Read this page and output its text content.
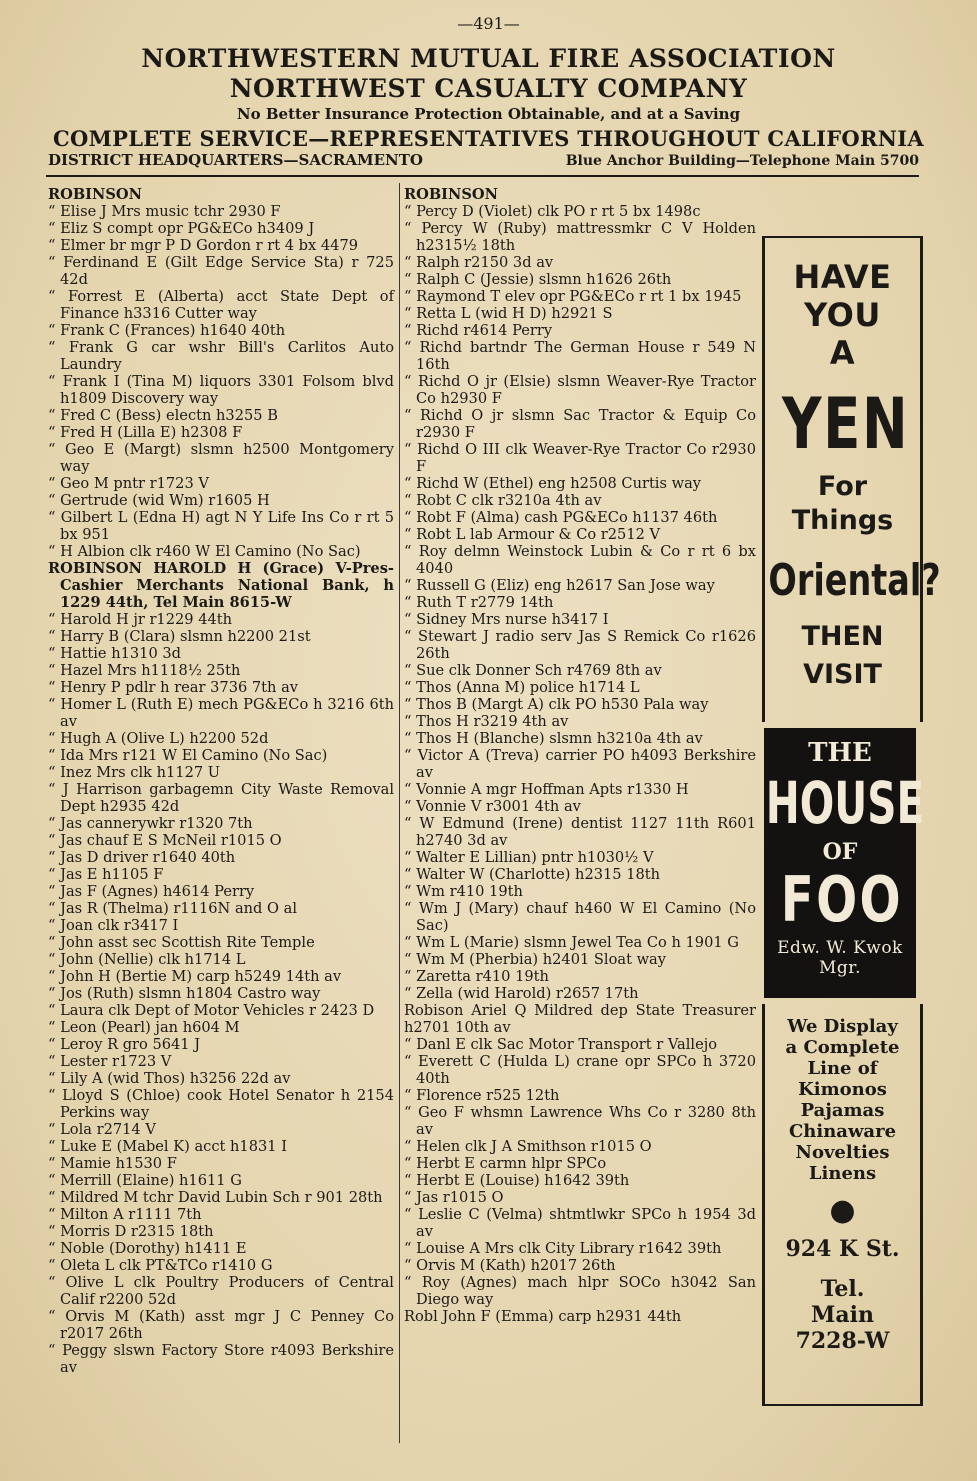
—491—
NORTHWESTERN MUTUAL FIRE ASSOCIATION
NORTHWEST CASUALTY COMPANY
No Better Insurance Protection Obtainable, and at a Saving
COMPLETE SERVICE—REPRESENTATIVES THROUGHOUT CALIFORNIA
DISTRICT HEADQUARTERS—SACRAMENTO	Blue Anchor Building—Telephone Main 5700
ROBINSON
“ Elise J Mrs music tchr 2930 F
“ Eliz S compt opr PG&ECo h3409 J
“ Elmer br mgr P D Gordon r rt 4 bx 4479
“ Ferdinand E (Gilt Edge Service Sta) r 725 42d
“ Forrest E (Alberta) acct State Dept of Finance h3316 Cutter way
“ Frank C (Frances) h1640 40th
“ Frank G car wshr Bill's Carlitos Auto Laundry
“ Frank I (Tina M) liquors 3301 Folsom blvd h1809 Discovery way
“ Fred C (Bess) electn h3255 B
“ Fred H (Lilla E) h2308 F
“ Geo E (Margt) slsmn h2500 Montgomery way
“ Geo M pntr r1723 V
“ Gertrude (wid Wm) r1605 H
“ Gilbert L (Edna H) agt N Y Life Ins Co r rt 5 bx 951
“ H Albion clk r460 W El Camino (No Sac)
ROBINSON HAROLD H (Grace) V-Pres-Cashier Merchants National Bank, h 1229 44th, Tel Main 8615-W
“ Harold H jr r1229 44th
“ Harry B (Clara) slsmn h2200 21st
“ Hattie h1310 3d
“ Hazel Mrs h1118½ 25th
“ Henry P pdlr h rear 3736 7th av
“ Homer L (Ruth E) mech PG&ECo h 3216 6th av
“ Hugh A (Olive L) h2200 52d
“ Ida Mrs r121 W El Camino (No Sac)
“ Inez Mrs clk h1127 U
“ J Harrison garbagemn City Waste Removal Dept h2935 42d
“ Jas cannerywkr r1320 7th
“ Jas chauf E S McNeil r1015 O
“ Jas D driver r1640 40th
“ Jas E h1105 F
“ Jas F (Agnes) h4614 Perry
“ Jas R (Thelma) r1116N and O al
“ Joan clk r3417 I
“ John asst sec Scottish Rite Temple
“ John (Nellie) clk h1714 L
“ John H (Bertie M) carp h5249 14th av
“ Jos (Ruth) slsmn h1804 Castro way
“ Laura clk Dept of Motor Vehicles r 2423 D
“ Leon (Pearl) jan h604 M
“ Leroy R gro 5641 J
“ Lester r1723 V
“ Lily A (wid Thos) h3256 22d av
“ Lloyd S (Chloe) cook Hotel Senator h 2154 Perkins way
“ Lola r2714 V
“ Luke E (Mabel K) acct h1831 I
“ Mamie h1530 F
“ Merrill (Elaine) h1611 G
“ Mildred M tchr David Lubin Sch r 901 28th
“ Milton A r1111 7th
“ Morris D r2315 18th
“ Noble (Dorothy) h1411 E
“ Oleta L clk PT&TCo r1410 G
“ Olive L clk Poultry Producers of Central Calif r2200 52d
“ Orvis M (Kath) asst mgr J C Penney Co r2017 26th
“ Peggy slswn Factory Store r4093 Berkshire av
ROBINSON
“ Percy D (Violet) clk PO r rt 5 bx 1498c
“ Percy W (Ruby) mattressmkr C V Holden h2315½ 18th
“ Ralph r2150 3d av
“ Ralph C (Jessie) slsmn h1626 26th
“ Raymond T elev opr PG&ECo r rt 1 bx 1945
“ Retta L (wid H D) h2921 S
“ Richd r4614 Perry
“ Richd bartndr The German House r 549 N 16th
“ Richd O jr (Elsie) slsmn Weaver-Rye Tractor Co h2930 F
“ Richd O jr slsmn Sac Tractor & Equip Co r2930 F
“ Richd O III clk Weaver-Rye Tractor Co r2930 F
“ Richd W (Ethel) eng h2508 Curtis way
“ Robt C clk r3210a 4th av
“ Robt F (Alma) cash PG&ECo h1137 46th
“ Robt L lab Armour & Co r2512 V
“ Roy delmn Weinstock Lubin & Co r rt 6 bx 4040
“ Russell G (Eliz) eng h2617 San Jose way
“ Ruth T r2779 14th
“ Sidney Mrs nurse h3417 I
“ Stewart J radio serv Jas S Remick Co r1626 26th
“ Sue clk Donner Sch r4769 8th av
“ Thos (Anna M) police h1714 L
“ Thos B (Margt A) clk PO h530 Pala way
“ Thos H r3219 4th av
“ Thos H (Blanche) slsmn h3210a 4th av
“ Victor A (Treva) carrier PO h4093 Berkshire av
“ Vonnie A mgr Hoffman Apts r1330 H
“ Vonnie V r3001 4th av
“ W Edmund (Irene) dentist 1127 11th R601 h2740 3d av
“ Walter E Lillian) pntr h1030½ V
“ Walter W (Charlotte) h2315 18th
“ Wm r410 19th
“ Wm J (Mary) chauf h460 W El Camino (No Sac)
“ Wm L (Marie) slsmn Jewel Tea Co h 1901 G
“ Wm M (Pherbia) h2401 Sloat way
“ Zaretta r410 19th
“ Zella (wid Harold) r2657 17th
Robison Ariel Q Mildred dep State Treasurer h2701 10th av
“ Danl E clk Sac Motor Transport r Vallejo
“ Everett C (Hulda L) crane opr SPCo h 3720 40th
“ Florence r525 12th
“ Geo F whsmn Lawrence Whs Co r 3280 8th av
“ Helen clk J A Smithson r1015 O
“ Herbt E carmn hlpr SPCo
“ Herbt E (Louise) h1642 39th
“ Jas r1015 O
“ Leslie C (Velma) shtmtlwkr SPCo h 1954 3d av
“ Louise A Mrs clk City Library r1642 39th
“ Orvis M (Kath) h2017 26th
“ Roy (Agnes) mach hlpr SOCo h3042 San Diego way
Robl John F (Emma) carp h2931 44th
HAVE
YOU
A
YEN
For
Things
Oriental?
THEN
VISIT
THE
HOUSE
OF
FOO
Edw. W. Kwok
Mgr.
We Display
a Complete
Line of
Kimonos
Pajamas
Chinaware
Novelties
Linens
●
924 K St.
Tel.
Main
7228-W
